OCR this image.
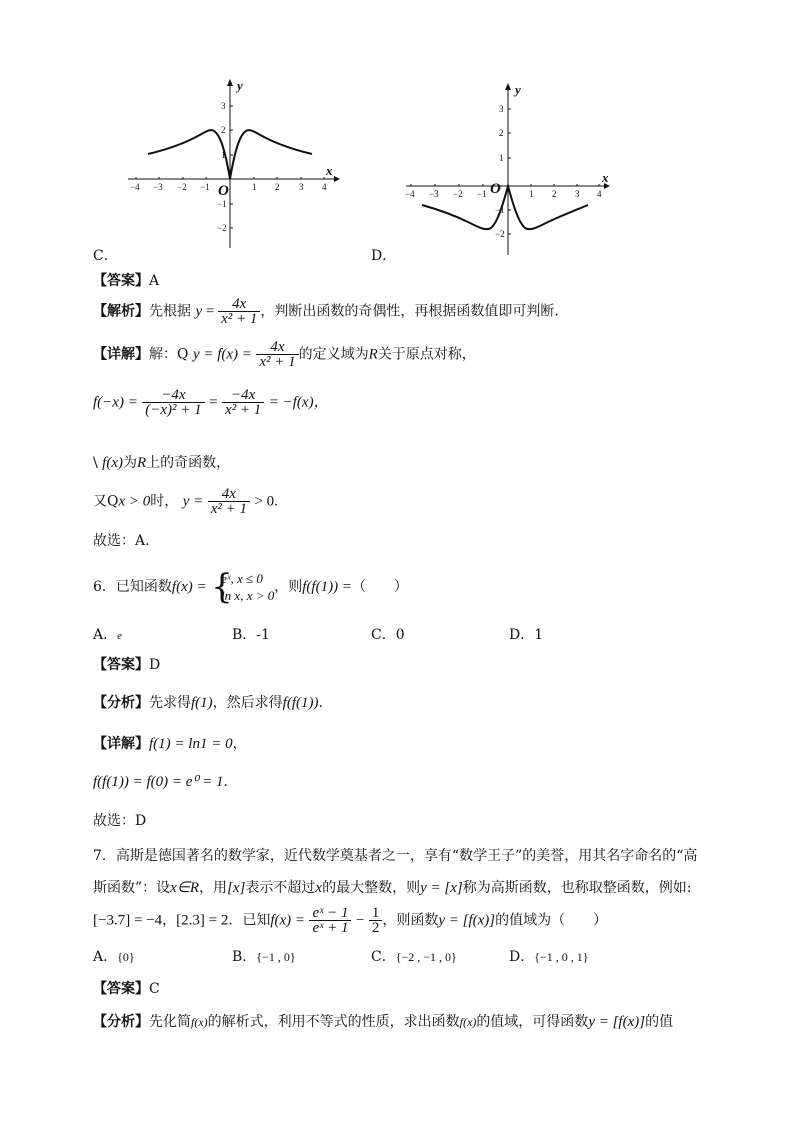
−4 −3 −2 −1	1 2 3 4
3
2
1
−1
−2
y
x
O
C．
−4 −3 −2 −1	1 2 3 4
3
2
1
−1
−2
y
x
O
D．
【答案】A
【解析】先根据 $y = \frac{4x}{\text{x² + 1}}$ ，判断出函数的奇偶性，再根据函数值即可判断.
【详解】解：Q $y = f(x) = \frac{4x}{\text{x² + 1}}$ 的定义域为R关于原点对称，
$f(-x) = \frac{-4x}{\text{(−x)² + 1}} = \frac{-4x}{\text{x² + 1}} = -f(x)$，
\ f(x)为R上的奇函数，
又Qx > 0时， $y = \frac{4x}{\text{x² + 1}} > 0$.
故选：A.
6．已知函数f(x) = {
eˣ, x ≤ 0
ln x, x > 0
，则f(f(1)) =（　　）
A．e	B．-1	C．0	D．1
【答案】D
【分析】先求得f(1)，然后求得f(f(1)).
【详解】f(1) = ln1 = 0，
f(f(1)) = f(0) = e⁰ = 1.
故选：D
7．高斯是德国著名的数学家，近代数学奠基者之一，享有“数学王子”的美誉，用其名字命名的“高
斯函数”：设x∈R，用[x]表示不超过x的最大整数，则y = [x]称为高斯函数，也称取整函数，例如:
[−3.7] = −4，[2.3] = 2．已知$f(x) = \frac{\text{eˣ − 1}}{\text{eˣ + 1}} - \frac{1}{2}$ ，则函数y = [f(x)]的值域为（　　）
A．{0}	B．{−1 , 0}	C．{−2 , −1 , 0}	D．{−1 , 0 , 1}
【答案】C
【分析】先化简f(x)的解析式，利用不等式的性质，求出函数f(x)的值域，可得函数y = [f(x)]的值
